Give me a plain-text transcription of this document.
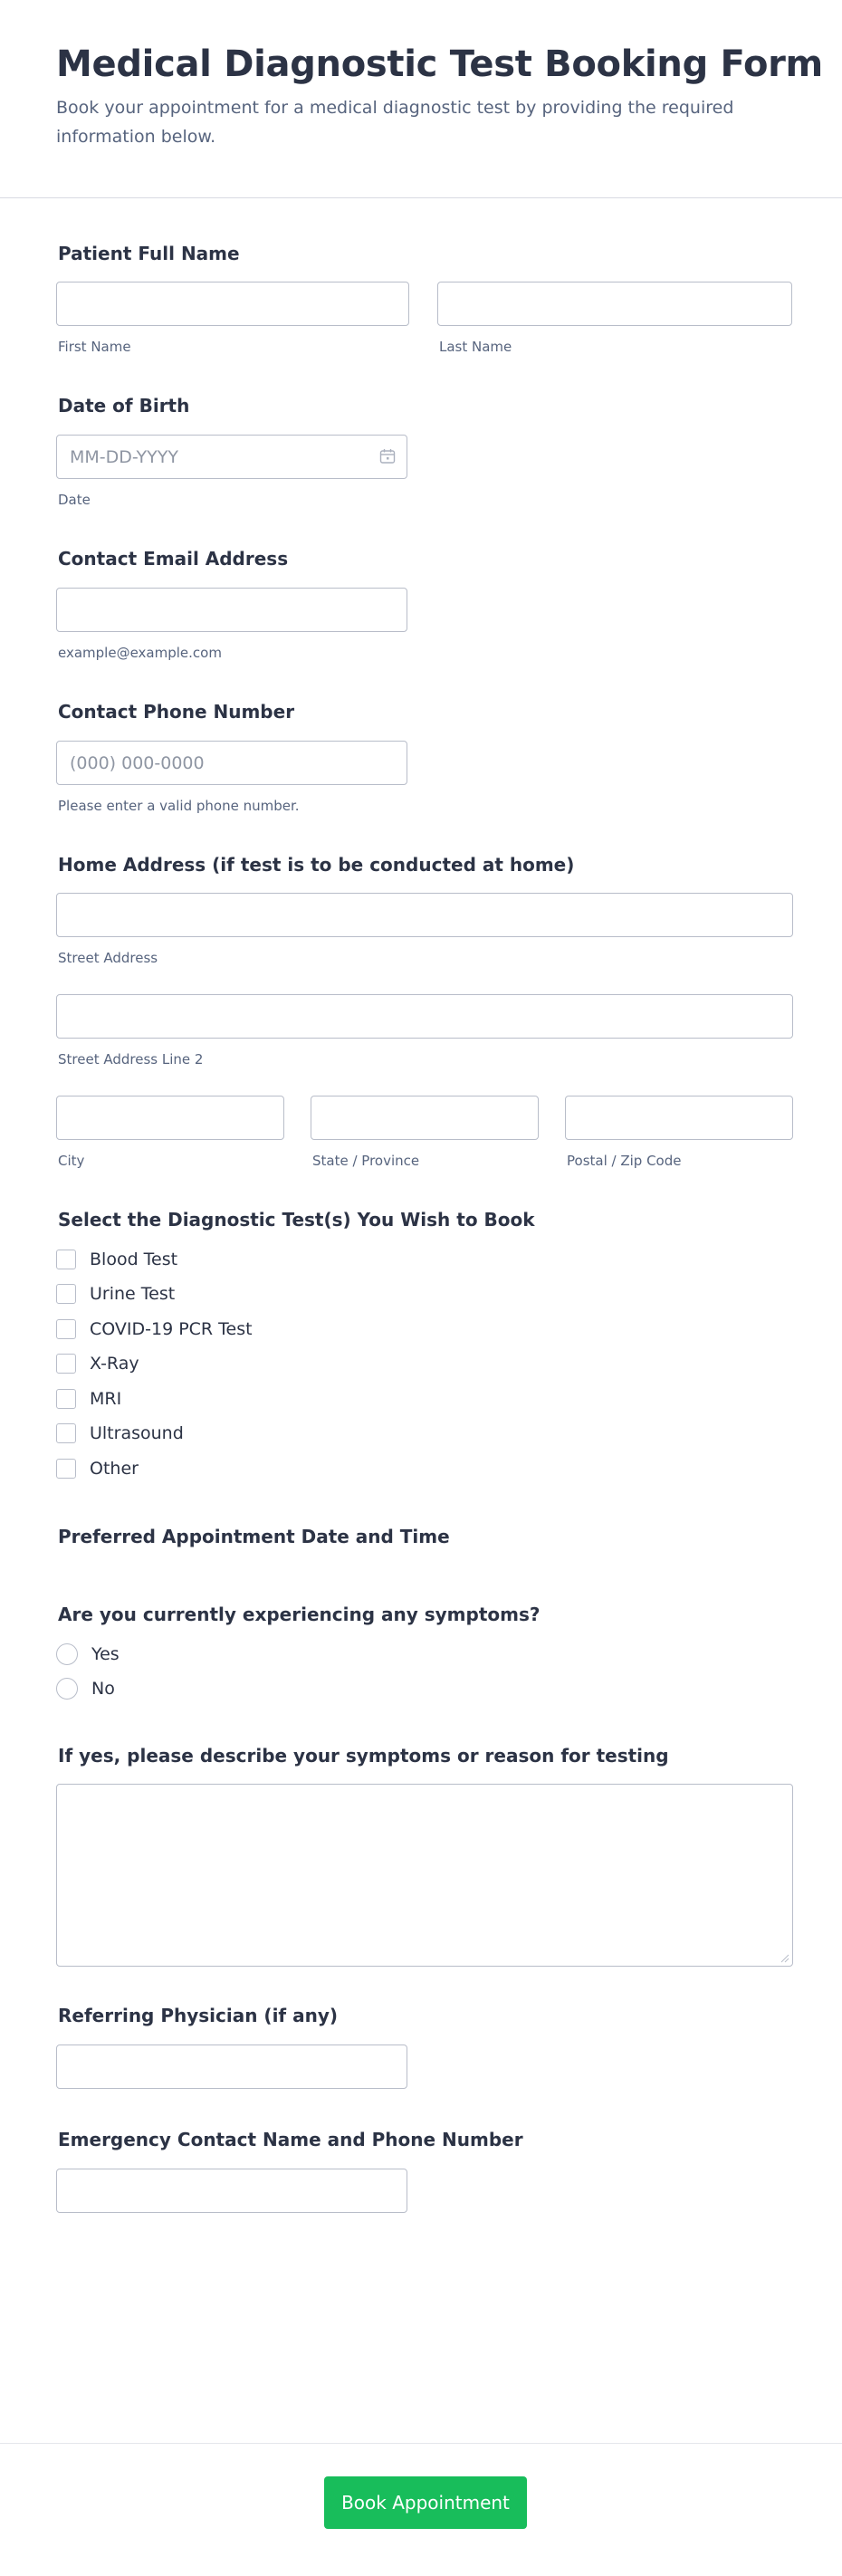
Medical Diagnostic Test Booking Form

Book your appointment for a medical diagnostic test by providing the required information below.

Patient Full Name
First Name	Last Name
Date of Birth
MM-DD-YYYY
Date
Contact Email Address
example@example.com
Contact Phone Number
(000) 000-0000
Please enter a valid phone number.
Home Address (if test is to be conducted at home)
Street Address
Street Address Line 2
City	State / Province	Postal / Zip Code
Select the Diagnostic Test(s) You Wish to Book
Blood Test
Urine Test
COVID-19 PCR Test
X-Ray
MRI
Ultrasound
Other
Preferred Appointment Date and Time
Are you currently experiencing any symptoms?
Yes
No
If yes, please describe your symptoms or reason for testing
Referring Physician (if any)
Emergency Contact Name and Phone Number
Book Appointment
